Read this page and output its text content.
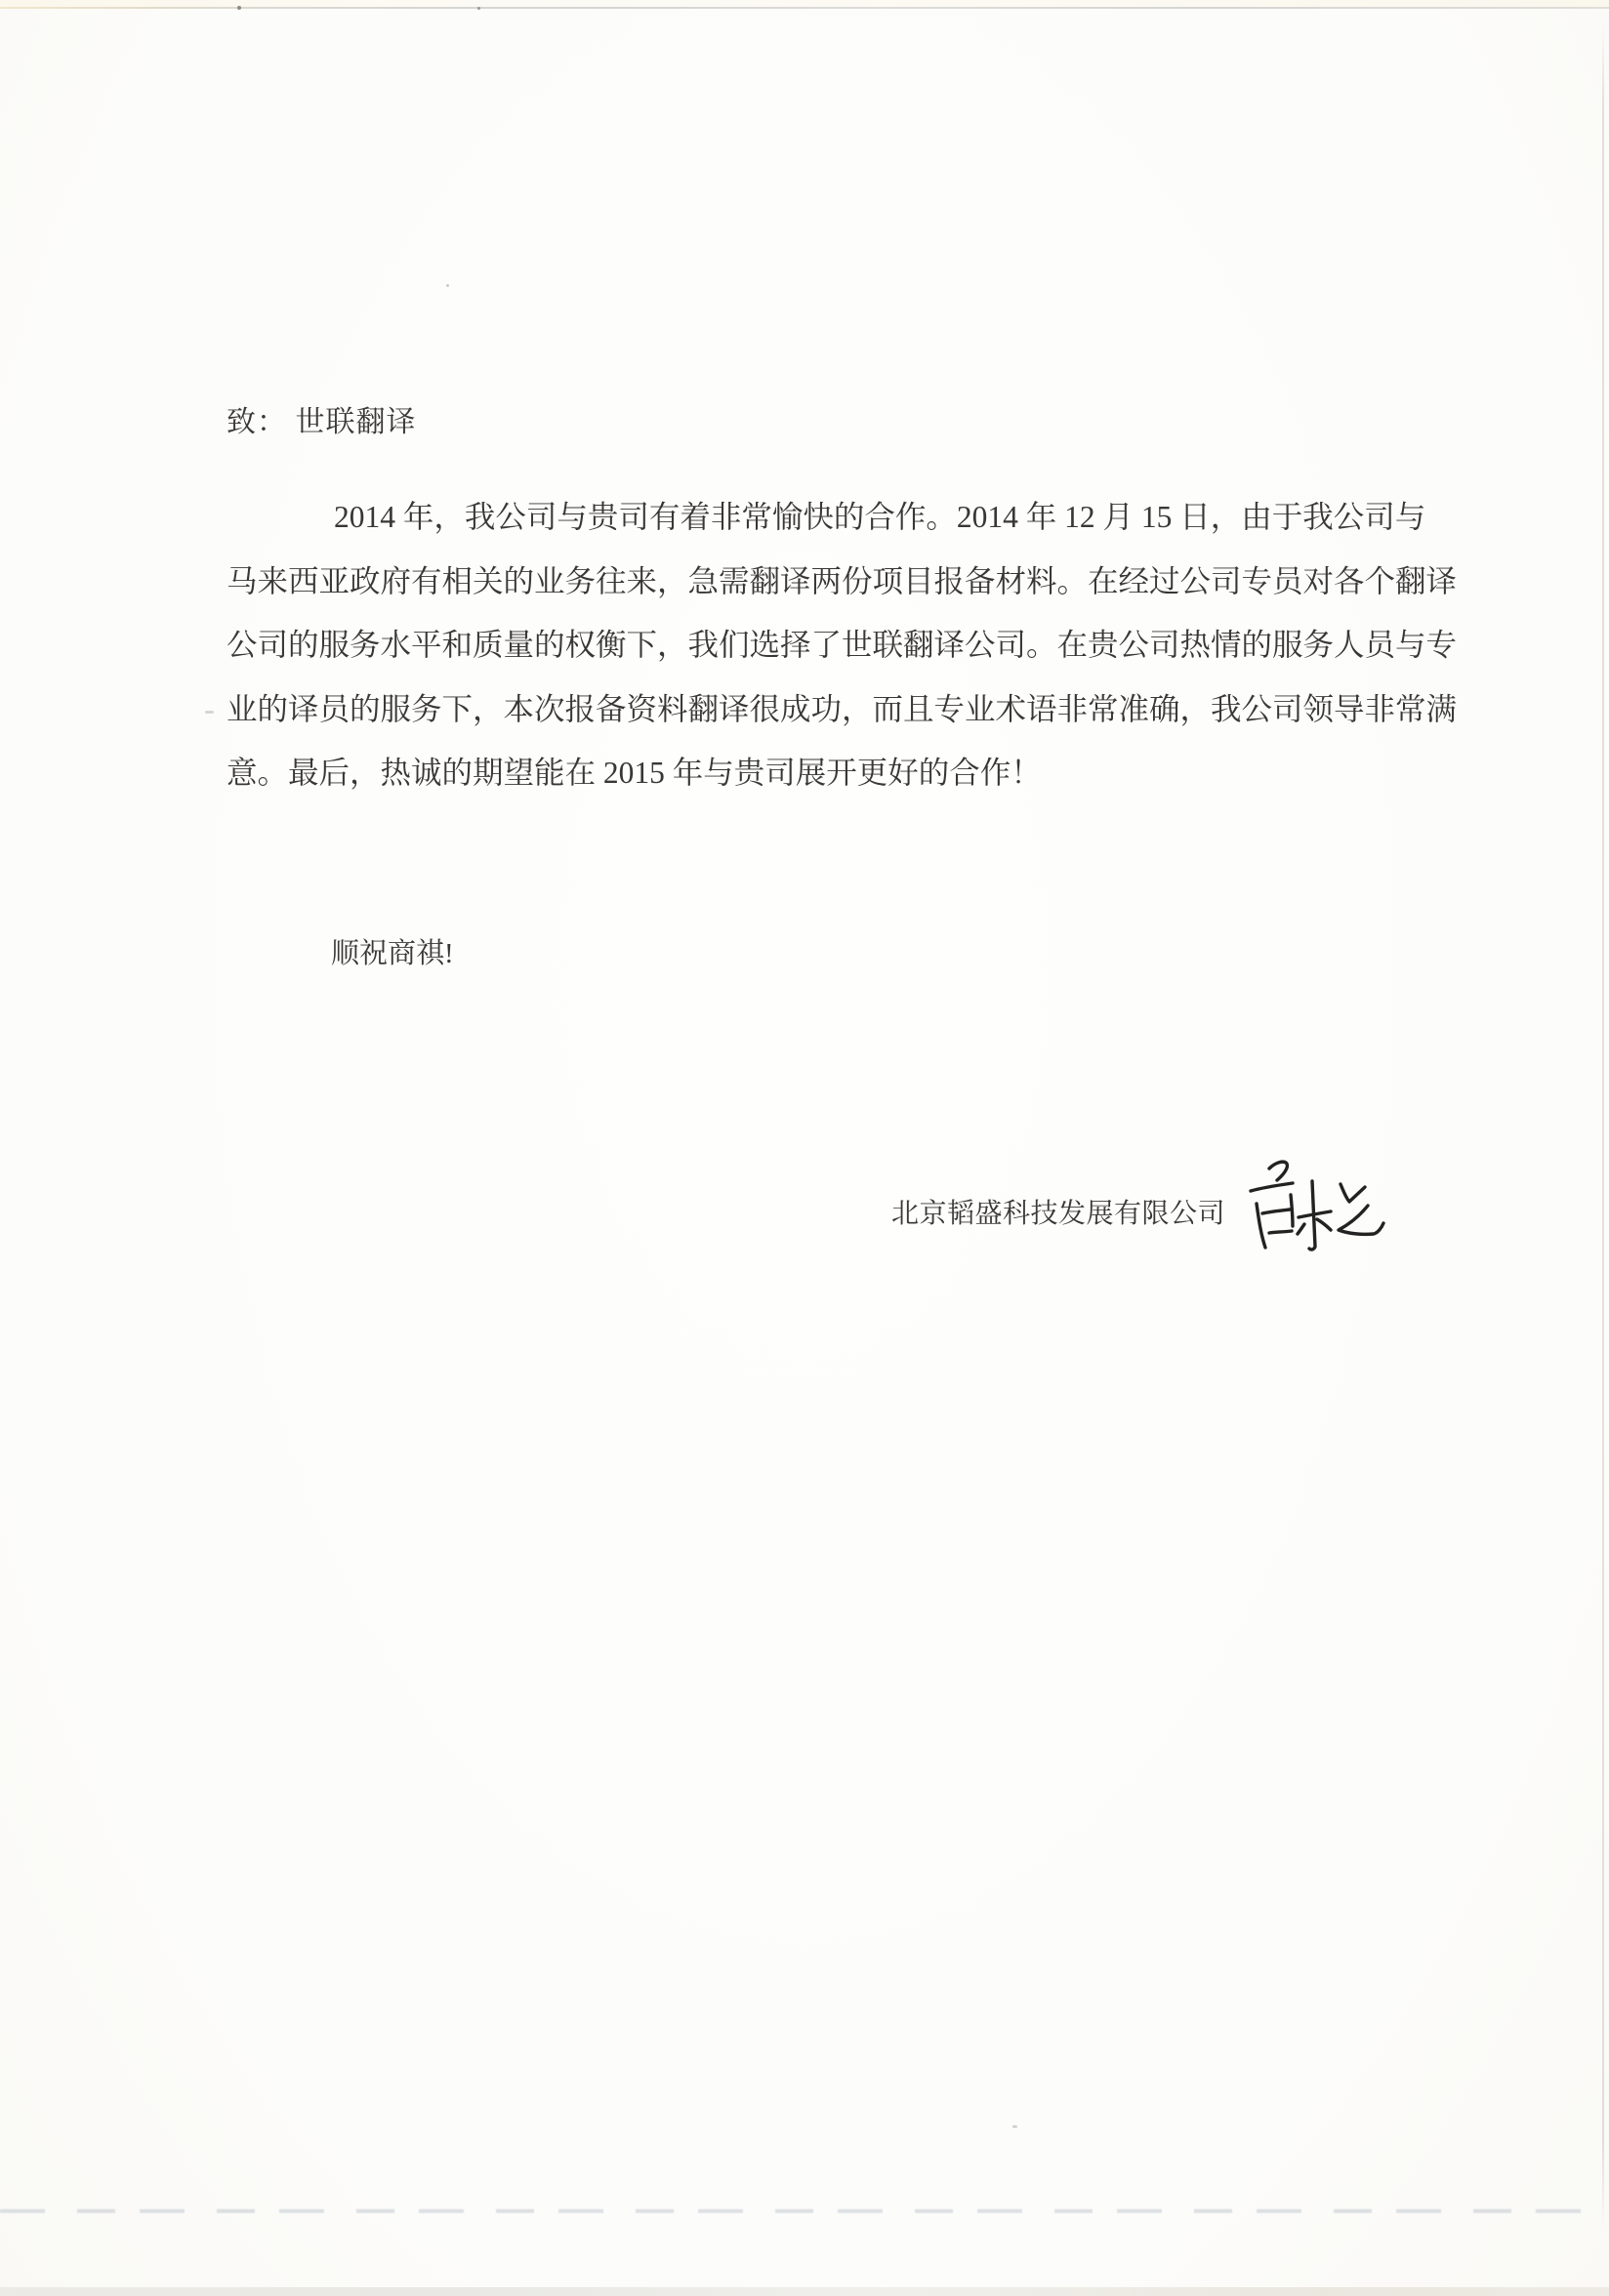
致： 世联翻译
2014 年，我公司与贵司有着非常愉快的合作。2014 年 12 月 15 日，由于我公司与
马来西亚政府有相关的业务往来，急需翻译两份项目报备材料。在经过公司专员对各个翻译
公司的服务水平和质量的权衡下，我们选择了世联翻译公司。在贵公司热情的服务人员与专
业的译员的服务下，本次报备资料翻译很成功，而且专业术语非常准确，我公司领导非常满
意。最后，热诚的期望能在 2015 年与贵司展开更好的合作！
顺祝商祺!
北京韬盛科技发展有限公司
